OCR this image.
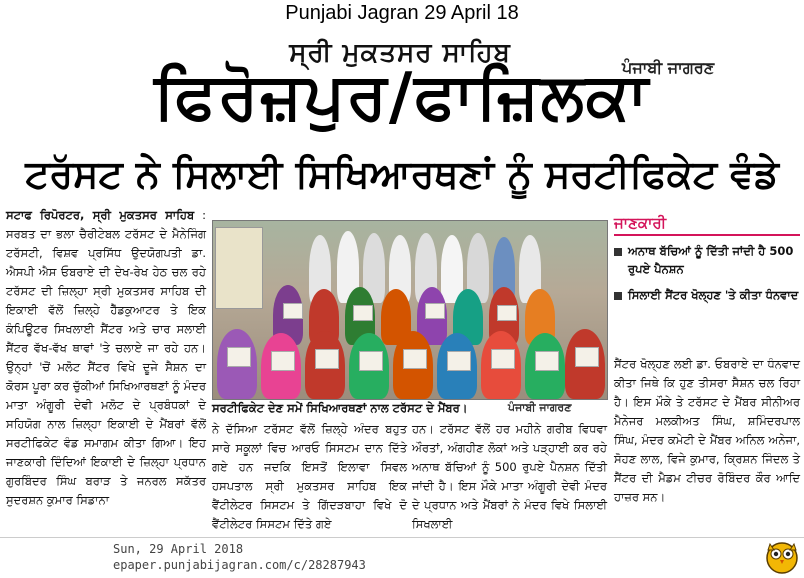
Punjabi Jagran 29 April 18
ਸ੍ਰੀ ਮੁਕਤਸਰ ਸਾਹਿਬ	ਪੰਜਾਬੀ ਜਾਗਰਣ
ਫਿਰੋਜ਼ਪੁਰ/ਫਾਜ਼ਿਲਕਾ
ਟਰੱਸਟ ਨੇ ਸਿਲਾਈ ਸਿਖਿਆਰਥਣਾਂ ਨੂੰ ਸਰਟੀਫਿਕੇਟ ਵੰਡੇ
ਸਟਾਫ ਰਿਪੋਰਟਰ, ਸ੍ਰੀ ਮੁਕਤਸਰ ਸਾਹਿਬ : ਸਰਬਤ ਦਾ ਭਲਾ ਚੈਰੀਟੇਬਲ ਟਰੱਸਟ ਦੇ ਮੈਨੇਜਿੰਗ ਟਰੱਸਟੀ, ਵਿਸ਼ਵ ਪ੍ਰਸਿੱਧ ਉਦਯੋਗਪਤੀ ਡਾ. ਐਸਪੀ ਐਸ ਓਬਰਾਏ ਦੀ ਦੇਖ-ਰੇਖ ਹੇਠ ਚਲ ਰਹੇ ਟਰੱਸਟ ਦੀ ਜ਼ਿਲ੍ਹਾ ਸ੍ਰੀ ਮੁਕਤਸਰ ਸਾਹਿਬ ਦੀ ਇਕਾਈ ਵੱਲੋਂ ਜ਼ਿਲ੍ਹੇ ਹੈੱਡਕੁਆਟਰ ਤੇ ਇਕ ਕੰਪਿਊਟਰ ਸਿਖਲਾਈ ਸੈਂਟਰ ਅਤੇ ਚਾਰ ਸਲਾਈ ਸੈਂਟਰ ਵੱਖ-ਵੱਖ ਥਾਵਾਂ 'ਤੇ ਚਲਾਏ ਜਾ ਰਹੇ ਹਨ। ਉਨ੍ਹਾਂ 'ਚੋਂ ਮਲੋਟ ਸੈਂਟਰ ਵਿਖੇ ਦੂਜੇ ਸੈਸ਼ਨ ਦਾ ਕੋਰਸ ਪੂਰਾ ਕਰ ਚੁੱਕੀਆਂ ਸਿਖਿਆਰਥਣਾਂ ਨੂੰ ਮੰਦਰ ਮਾਤਾ ਅੰਗੂਰੀ ਦੇਵੀ ਮਲੋਟ ਦੇ ਪ੍ਰਬੰਧਕਾਂ ਦੇ ਸਹਿਯੋਗ ਨਾਲ ਜ਼ਿਲ੍ਹਾ ਇਕਾਈ ਦੇ ਮੈਂਬਰਾਂ ਵੱਲੋਂ ਸਰਟੀਫਿਕੇਟ ਵੰਡ ਸਮਾਗਮ ਕੀਤਾ ਗਿਆ। ਇਹ ਜਾਣਕਾਰੀ ਦਿੰਦਿਆਂ ਇਕਾਈ ਦੇ ਜ਼ਿਲ੍ਹਾ ਪ੍ਰਧਾਨ ਗੁਰਬਿੰਦਰ ਸਿੰਘ ਬਰਾੜ ਤੇ ਜਨਰਲ ਸਕੱਤਰ ਸੁਦਰਸ਼ਨ ਕੁਮਾਰ ਸਿਡਾਨਾ
ਸਰਟੀਫਿਕੇਟ ਦੇਣ ਸਮੇਂ ਸਿਖਿਆਰਥਣਾਂ ਨਾਲ ਟਰੱਸਟ ਦੇ ਮੈਂਬਰ।	ਪੰਜਾਬੀ ਜਾਗਰਣ
ਨੇ ਦੱਸਿਆ ਟਰੱਸਟ ਵੱਲੋਂ ਜ਼ਿਲ੍ਹੇ ਅੰਦਰ ਬਹੁਤ ਸਾਰੇ ਸਕੂਲਾਂ ਵਿਚ ਆਰਓ ਸਿਸਟਮ ਦਾਨ ਦਿੱਤੇ ਗਏ ਹਨ ਜਦਕਿ ਇਸਤੋਂ ਇਲਾਵਾ ਸਿਵਲ ਹਸਪਤਾਲ ਸ੍ਰੀ ਮੁਕਤਸਰ ਸਾਹਿਬ ਇਕ ਵੈਂਟੀਲੇਟਰ ਸਿਸਟਮ ਤੇ ਗਿੱਦੜਬਾਹਾ ਵਿਖੇ ਦੋ ਵੈਂਟੀਲੇਟਰ ਸਿਸਟਮ ਦਿੱਤੇ ਗਏ
ਹਨ। ਟਰੱਸਟ ਵੱਲੋਂ ਹਰ ਮਹੀਨੇ ਗਰੀਬ ਵਿਧਵਾ ਔਰਤਾਂ, ਅੰਗਹੀਣ ਲੋਕਾਂ ਅਤੇ ਪੜ੍ਹਾਈ ਕਰ ਰਹੇ ਅਨਾਥ ਬੱਚਿਆਂ ਨੂੰ 500 ਰੁਪਏ ਪੈਨਸ਼ਨ ਦਿੱਤੀ ਜਾਂਦੀ ਹੈ। ਇਸ ਮੌਕੇ ਮਾਤਾ ਅੰਗੂਰੀ ਦੇਵੀ ਮੰਦਰ ਦੇ ਪ੍ਰਧਾਨ ਅਤੇ ਮੈਂਬਰਾਂ ਨੇ ਮੰਦਰ ਵਿਖੇ ਸਿਲਾਈ ਸਿਖਲਾਈ
ਜਾਣਕਾਰੀ
ਅਨਾਥ ਬੱਚਿਆਂ ਨੂੰ ਦਿੱਤੀ ਜਾਂਦੀ ਹੈ 500 ਰੁਪਏ ਪੈਨਸ਼ਨ
ਸਿਲਾਈ ਸੈਂਟਰ ਖੋਲ੍ਹਣ 'ਤੇ ਕੀਤਾ ਧੰਨਵਾਦ
ਸੈਂਟਰ ਖੋਲ੍ਹਣ ਲਈ ਡਾ. ਓਬਰਾਏ ਦਾ ਧੰਨਵਾਦ ਕੀਤਾ ਜਿਥੇ ਕਿ ਹੁਣ ਤੀਸਰਾ ਸੈਸ਼ਨ ਚਲ ਰਿਹਾ ਹੈ। ਇਸ ਮੌਕੇ ਤੇ ਟਰੱਸਟ ਦੇ ਮੈਂਬਰ ਸੀਨੀਅਰ ਮੈਨੇਜਰ ਮਲਕੀਅਤ ਸਿੰਘ, ਸ਼ਮਿੰਦਰਪਾਲ ਸਿੰਘ, ਮੰਦਰ ਕਮੇਟੀ ਦੇ ਮੈਂਬਰ ਅਨਿਲ ਅਨੇਜਾ, ਸੋਹਣ ਲਾਲ, ਵਿਜੇ ਕੁਮਾਰ, ਕ੍ਰਿਸ਼ਨ ਜਿੰਦਲ ਤੇ ਸੈਂਟਰ ਦੀ ਮੈਡਮ ਟੀਚਰ ਰੋਬਿੰਦਰ ਕੌਰ ਆਦਿ ਹਾਜ਼ਰ ਸਨ।
Sun, 29 April 2018
epaper.punjabijagran.com/c/28287943
